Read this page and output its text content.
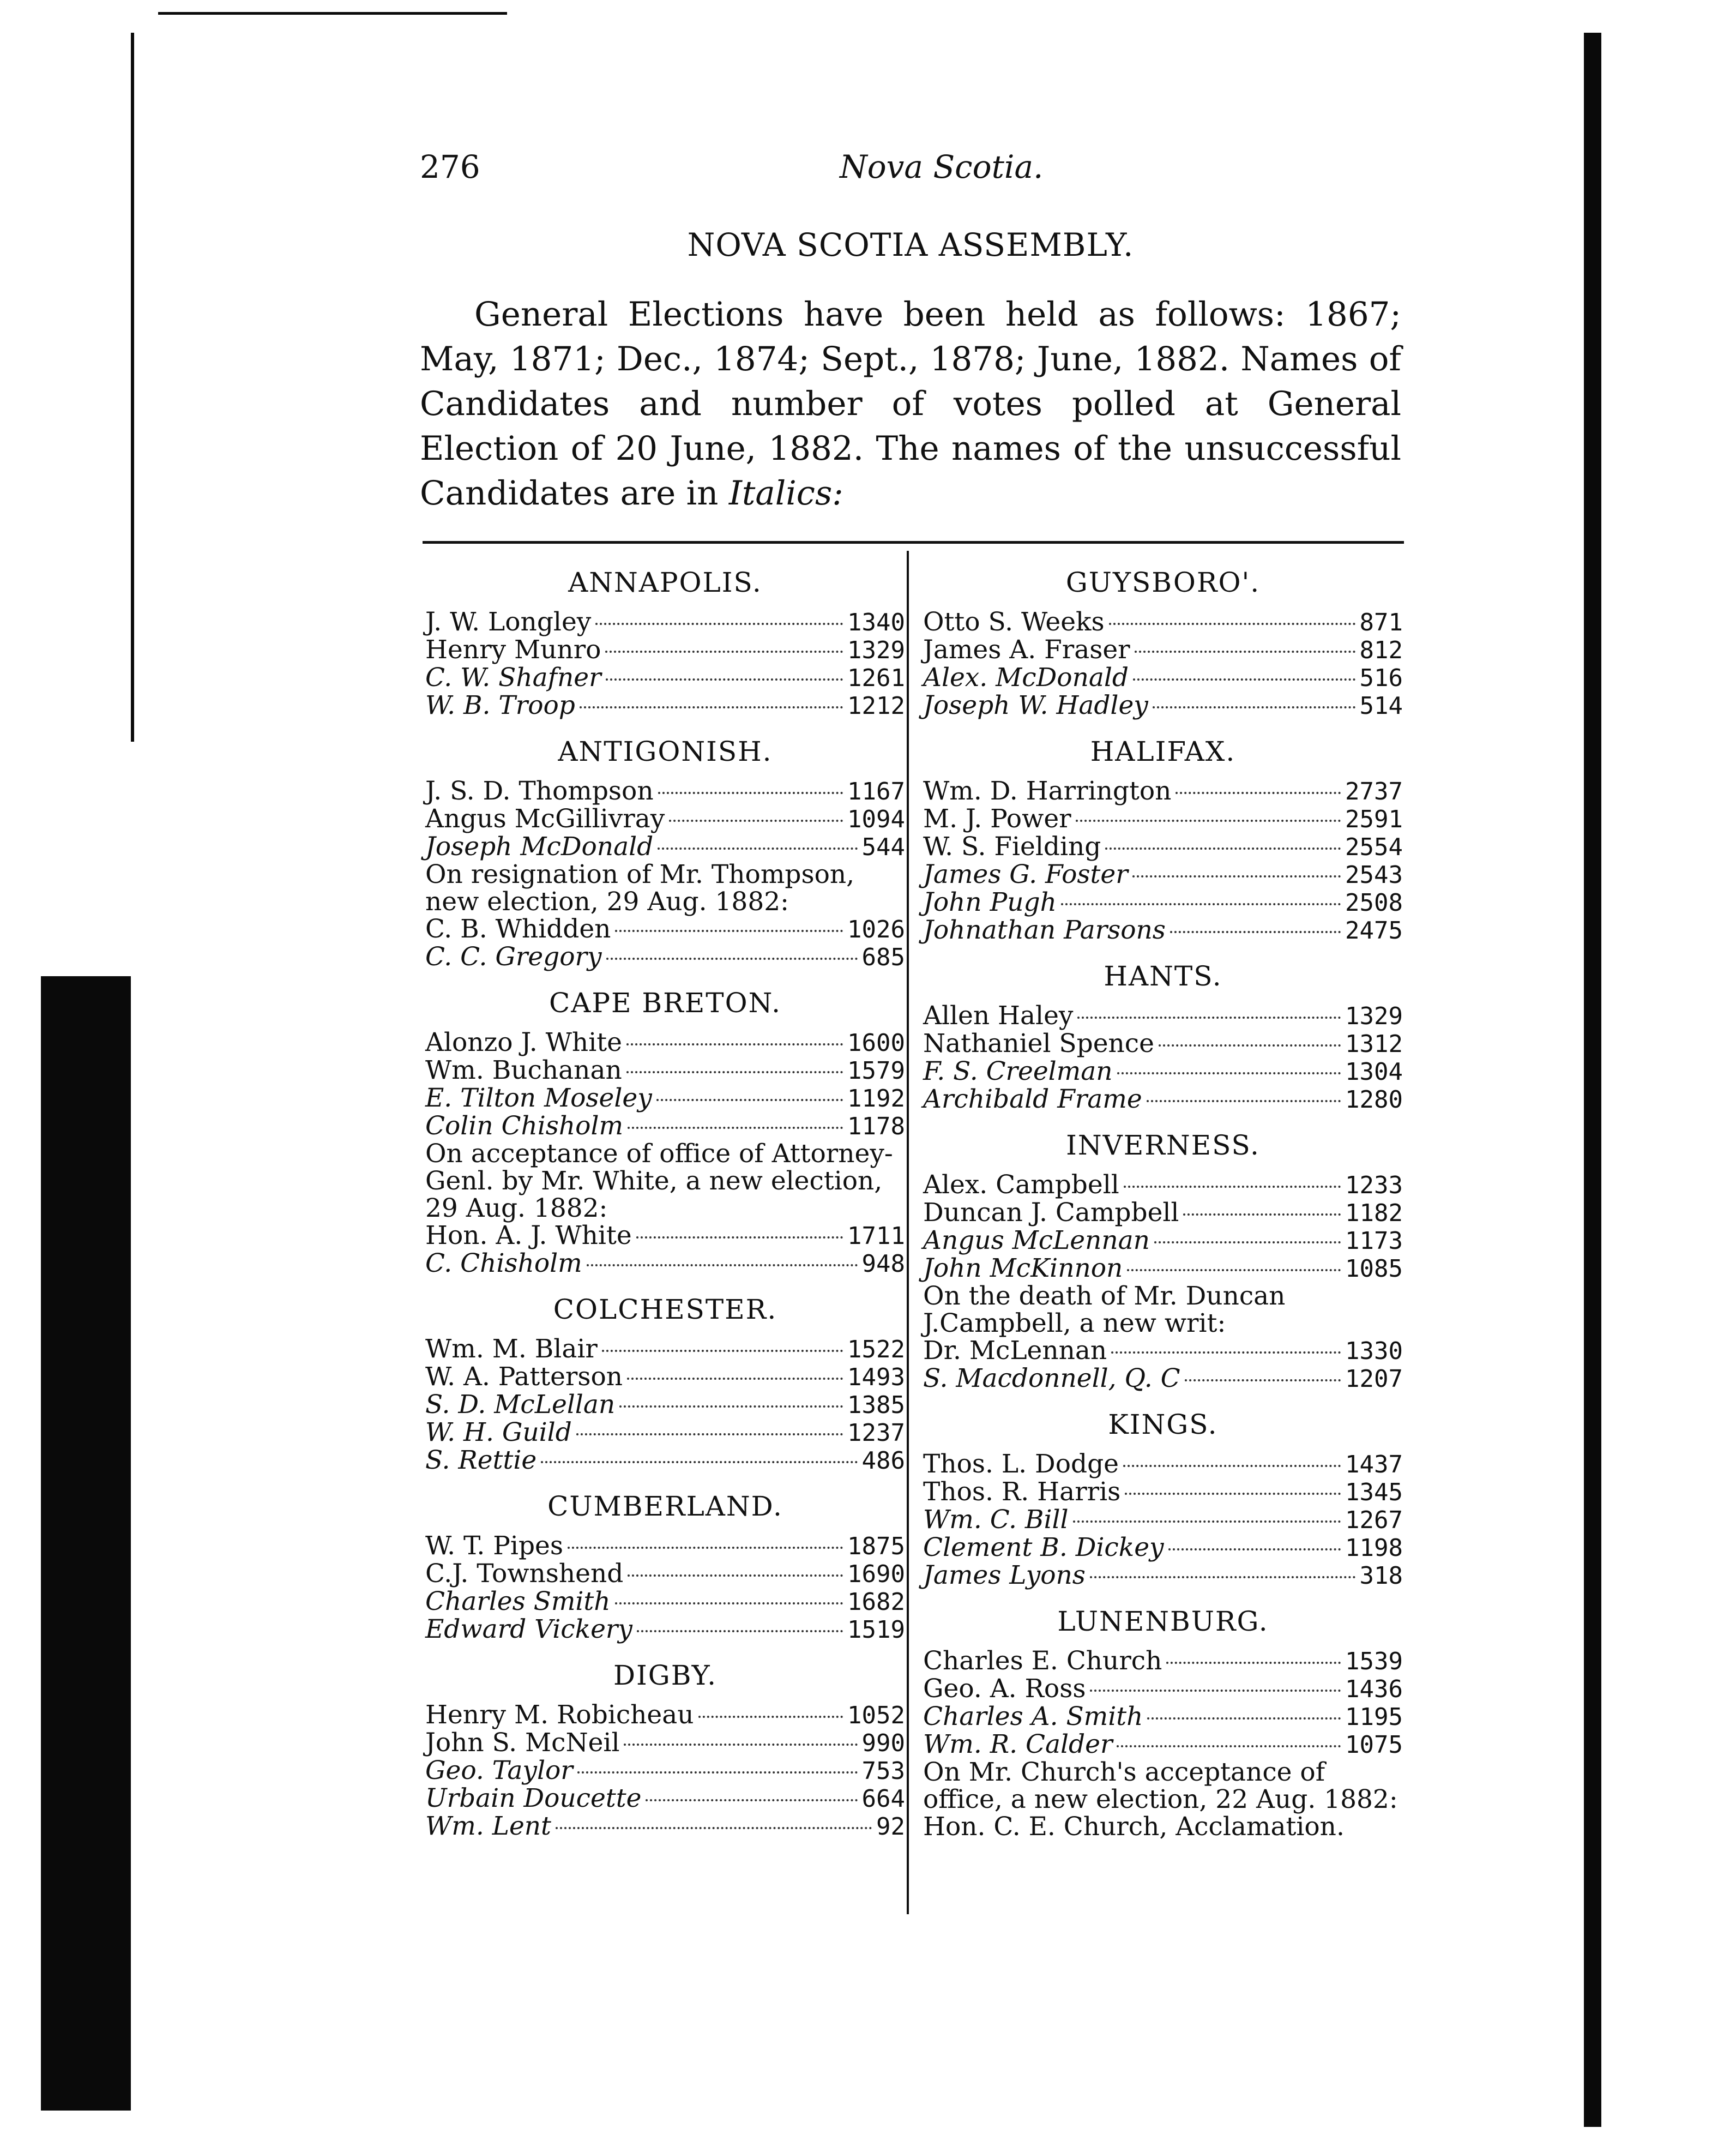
276	Nova Scotia.
NOVA SCOTIA ASSEMBLY.
General Elections have been held as follows: 1867; May, 1871; Dec., 1874; Sept., 1878; June, 1882. Names of Candidates and number of votes polled at General Election of 20 June, 1882. The names of the unsuccessful Candidates are in Italics:
ANNAPOLIS.
J. W. Longley	1340
Henry Munro	1329
C. W. Shafner	1261
W. B. Troop	1212
ANTIGONISH.
J. S. D. Thompson	1167
Angus McGillivray	1094
Joseph McDonald	544
On resignation of Mr. Thompson, new election, 29 Aug. 1882:
C. B. Whidden	1026
C. C. Gregory	685
CAPE BRETON.
Alonzo J. White	1600
Wm. Buchanan	1579
E. Tilton Moseley	1192
Colin Chisholm	1178
On acceptance of office of Attorney-Genl. by Mr. White, a new election, 29 Aug. 1882:
Hon. A. J. White	1711
C. Chisholm	948
COLCHESTER.
Wm. M. Blair	1522
W. A. Patterson	1493
S. D. McLellan	1385
W. H. Guild	1237
S. Rettie	486
CUMBERLAND.
W. T. Pipes	1875
C.J. Townshend	1690
Charles Smith	1682
Edward Vickery	1519
DIGBY.
Henry M. Robicheau	1052
John S. McNeil	990
Geo. Taylor	753
Urbain Doucette	664
Wm. Lent	92
GUYSBORO'.
Otto S. Weeks	871
James A. Fraser	812
Alex. McDonald	516
Joseph W. Hadley	514
HALIFAX.
Wm. D. Harrington	2737
M. J. Power	2591
W. S. Fielding	2554
James G. Foster	2543
John Pugh	2508
Johnathan Parsons	2475
HANTS.
Allen Haley	1329
Nathaniel Spence	1312
F. S. Creelman	1304
Archibald Frame	1280
INVERNESS.
Alex. Campbell	1233
Duncan J. Campbell	1182
Angus McLennan	1173
John McKinnon	1085
On the death of Mr. Duncan J.Campbell, a new writ:
Dr. McLennan	1330
S. Macdonnell, Q. C	1207
KINGS.
Thos. L. Dodge	1437
Thos. R. Harris	1345
Wm. C. Bill	1267
Clement B. Dickey	1198
James Lyons	318
LUNENBURG.
Charles E. Church	1539
Geo. A. Ross	1436
Charles A. Smith	1195
Wm. R. Calder	1075
On Mr. Church's acceptance of office, a new election, 22 Aug. 1882:
Hon. C. E. Church, Acclamation.
